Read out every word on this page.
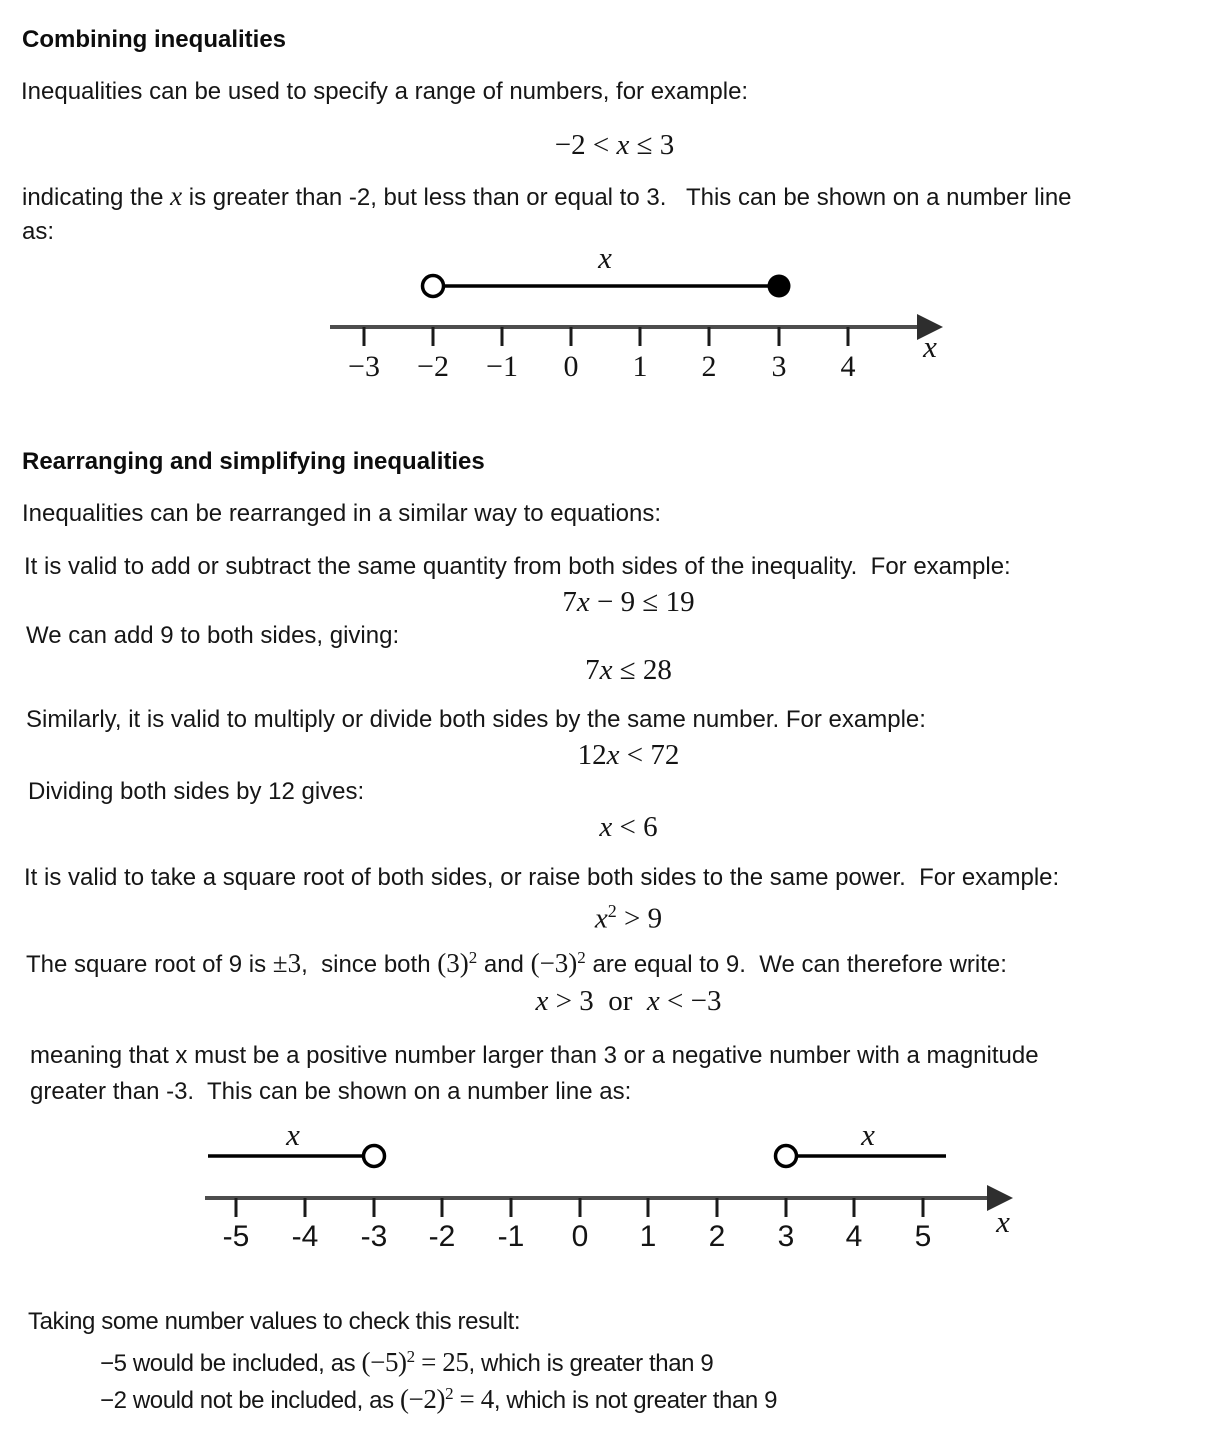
Combining inequalities
Inequalities can be used to specify a range of numbers, for example:
−2 < x ≤ 3
indicating the x is greater than -2, but less than or equal to 3.   This can be shown on a number line
as:
x
−3 −2 −1 0 1 2 3 4
x
Rearranging and simplifying inequalities
Inequalities can be rearranged in a similar way to equations:
It is valid to add or subtract the same quantity from both sides of the inequality.  For example:
7x − 9 ≤ 19
We can add 9 to both sides, giving:
7x ≤ 28
Similarly, it is valid to multiply or divide both sides by the same number. For example:
12x < 72
Dividing both sides by 12 gives:
x < 6
It is valid to take a square root of both sides, or raise both sides to the same power.  For example:
$x^2 > 9$
The square root of 9 is ±3,  since both $(3)^2$ and $(-3)^2$ are equal to 9.  We can therefore write:
x > 3  or  x < −3
meaning that x must be a positive number larger than 3 or a negative number with a magnitude
greater than -3.  This can be shown on a number line as:
x	x
-5 -4 -3 -2 -1 0 1 2 3 4 5 x
Taking some number values to check this result:
−5 would be included, as $(-5)^2 = 25$, which is greater than 9
−2 would not be included, as $(-2)^2 = 4$, which is not greater than 9
